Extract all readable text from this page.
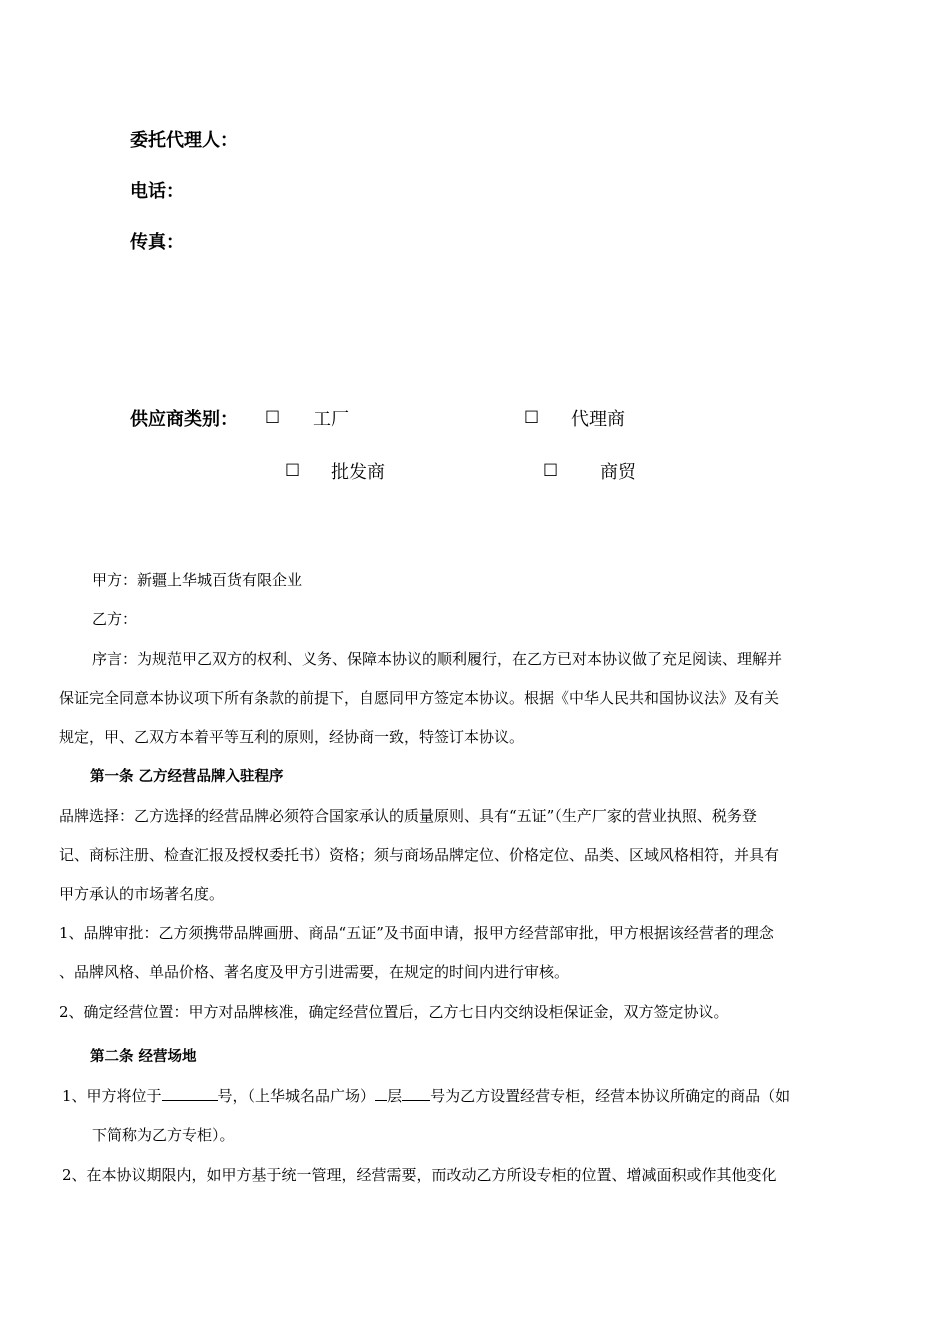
委托代理人：
电话：
传真：
供应商类别： □ 工厂	□ 代理商
□ 批发商	□ 商贸
甲方：新疆上华城百货有限企业
乙方：
序言：为规范甲乙双方的权利、义务、保障本协议的顺利履行，在乙方已对本协议做了充足阅读、理解并
保证完全同意本协议项下所有条款的前提下，自愿同甲方签定本协议。根据《中华人民共和国协议法》及有关
规定，甲、乙双方本着平等互利的原则，经协商一致，特签订本协议。
第一条 乙方经营品牌入驻程序
品牌选择：乙方选择的经营品牌必须符合国家承认的质量原则、具有“五证”（生产厂家的营业执照、税务登
记、商标注册、检查汇报及授权委托书）资格；须与商场品牌定位、价格定位、品类、区域风格相符，并具有
甲方承认的市场著名度。
1、品牌审批：乙方须携带品牌画册、商品“五证”及书面申请，报甲方经营部审批，甲方根据该经营者的理念
、品牌风格、单品价格、著名度及甲方引进需要，在规定的时间内进行审核。
2、确定经营位置：甲方对品牌核准，确定经营位置后，乙方七日内交纳设柜保证金，双方签定协议。
第二条 经营场地
1、甲方将位于	号，（上华城名品广场） 层 号为乙方设置经营专柜，经营本协议所确定的商品（如
下简称为乙方专柜）。
2、在本协议期限内，如甲方基于统一管理，经营需要，而改动乙方所设专柜的位置、增减面积或作其他变化
